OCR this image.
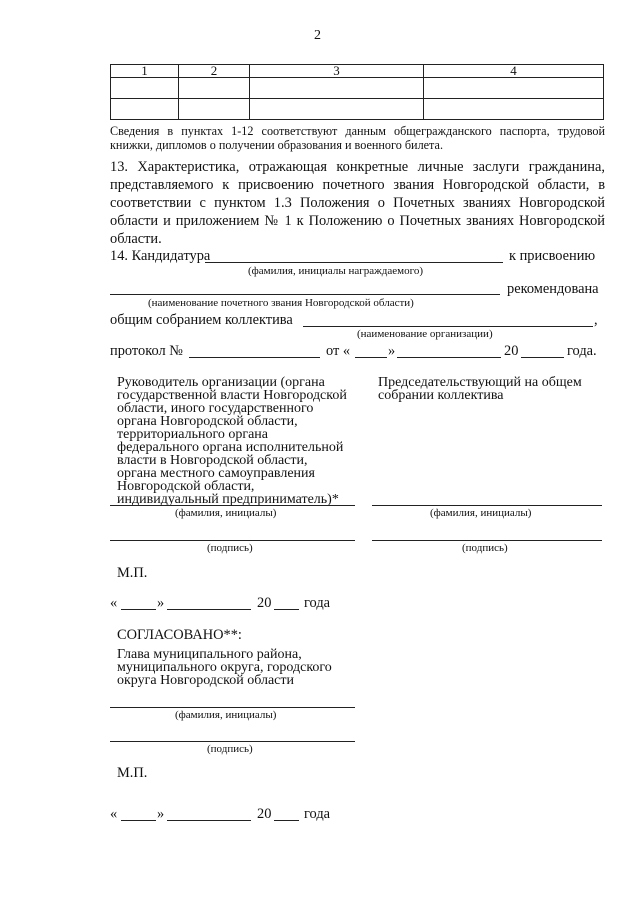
2
1	2	3	4

Сведения в пунктах 1-12 соответствуют данным общегражданского паспорта, трудовой книжки, дипломов о получении образования и военного билета.
13. Характеристика, отражающая конкретные личные заслуги гражданина, представляемого к присвоению почетного звания Новгородской области, в соответствии с пунктом 1.3 Положения о Почетных званиях Новгородской области и приложением № 1 к Положению о Почетных званиях Новгородской области.
14. Кандидатура	к присвоению
(фамилия, инициалы награждаемого)
рекомендована
(наименование почетного звания Новгородской области)
общим собранием коллектива	,
(наименование организации)
протокол №	от «	»	20	года.
Руководитель организации (органа государственной власти Новгородской области, иного государственного органа Новгородской области, территориального органа федерального органа исполнительной власти в Новгородской области, органа местного самоуправления Новгородской области, индивидуальный предприниматель)*
Председательствующий на общем собрании коллектива
(фамилия, инициалы)	(фамилия, инициалы)
(подпись)	(подпись)
М.П.
«	»	20 года
СОГЛАСОВАНО**:
Глава муниципального района, муниципального округа, городского округа Новгородской области
(фамилия, инициалы)
(подпись)
М.П.
«	»	20 года
